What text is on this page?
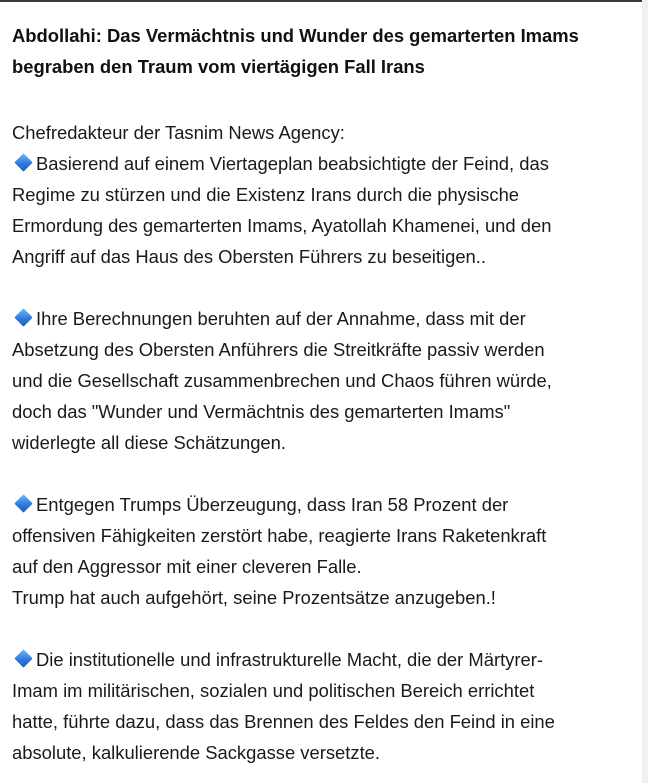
Abdollahi: Das Vermächtnis und Wunder des gemarterten Imams
begraben den Traum vom viertägigen Fall Irans
Chefredakteur der Tasnim News Agency:
Basierend auf einem Viertageplan beabsichtigte der Feind, das
Regime zu stürzen und die Existenz Irans durch die physische
Ermordung des gemarterten Imams, Ayatollah Khamenei, und den
Angriff auf das Haus des Obersten Führers zu beseitigen..
Ihre Berechnungen beruhten auf der Annahme, dass mit der
Absetzung des Obersten Anführers die Streitkräfte passiv werden
und die Gesellschaft zusammenbrechen und Chaos führen würde,
doch das "Wunder und Vermächtnis des gemarterten Imams"
widerlegte all diese Schätzungen.
Entgegen Trumps Überzeugung, dass Iran 58 Prozent der
offensiven Fähigkeiten zerstört habe, reagierte Irans Raketenkraft
auf den Aggressor mit einer cleveren Falle.
Trump hat auch aufgehört, seine Prozentsätze anzugeben.!
Die institutionelle und infrastrukturelle Macht, die der Märtyrer-
Imam im militärischen, sozialen und politischen Bereich errichtet
hatte, führte dazu, dass das Brennen des Feldes den Feind in eine
absolute, kalkulierende Sackgasse versetzte.
